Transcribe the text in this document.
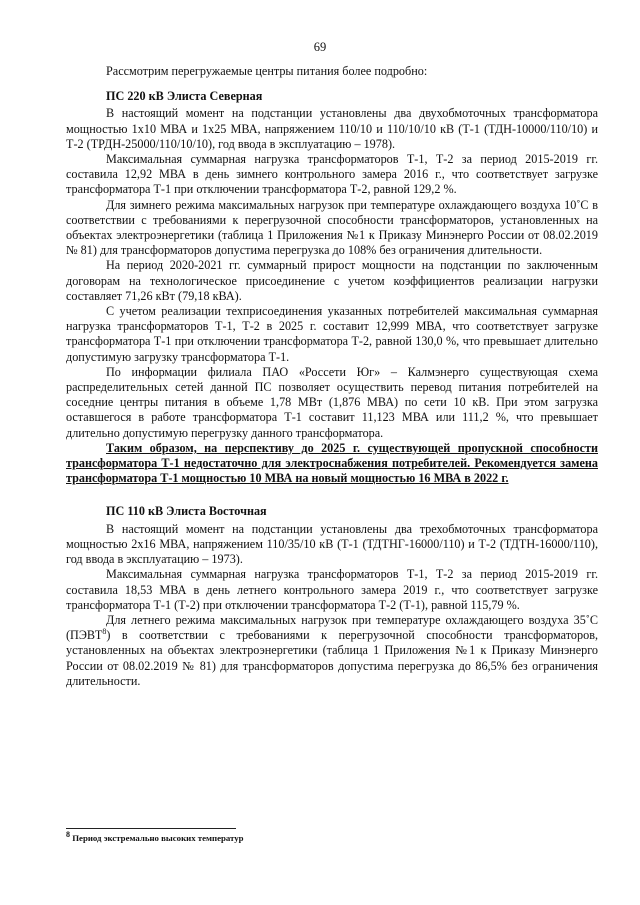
69

Рассмотрим перегружаемые центры питания более подробно:

ПС 220 кВ Элиста Северная

В настоящий момент на подстанции установлены два двухобмоточных трансформатора мощностью 1х10 МВА и 1х25 МВА, напряжением 110/10 и 110/10/10 кВ (Т-1 (ТДН-10000/110/10) и Т-2 (ТРДН-25000/110/10/10), год ввода в эксплуатацию – 1978).

Максимальная суммарная нагрузка трансформаторов Т-1, Т-2 за период 2015-2019 гг. составила 12,92 МВА в день зимнего контрольного замера 2016 г., что соответствует загрузке трансформатора Т-1 при отключении трансформатора Т-2, равной 129,2 %.

Для зимнего режима максимальных нагрузок при температуре охлаждающего воздуха 10˚С в соответствии с требованиями к перегрузочной способности трансформаторов, установленных на объектах электроэнергетики (таблица 1 Приложения №1 к Приказу Минэнерго России от 08.02.2019 № 81) для трансформаторов допустима перегрузка до 108% без ограничения длительности.

На период 2020-2021 гг. суммарный прирост мощности на подстанции по заключенным договорам на технологическое присоединение с учетом коэффициентов реализации нагрузки составляет 71,26 кВт (79,18 кВА).

С учетом реализации техприсоединения указанных потребителей максимальная суммарная нагрузка трансформаторов Т-1, Т-2 в 2025 г. составит 12,999 МВА, что соответствует загрузке трансформатора Т-1 при отключении трансформатора Т-2, равной 130,0 %, что превышает длительно допустимую загрузку трансформатора Т-1.

По информации филиала ПАО «Россети Юг» – Калмэнерго существующая схема распределительных сетей данной ПС позволяет осуществить перевод питания потребителей на соседние центры питания в объеме 1,78 МВт (1,876 МВА) по сети 10 кВ. При этом загрузка оставшегося в работе трансформатора Т-1 составит 11,123 МВА или 111,2 %, что превышает длительно допустимую перегрузку данного трансформатора.

Таким образом, на перспективу до 2025 г. существующей пропускной способности трансформатора Т-1 недостаточно для электроснабжения потребителей. Рекомендуется замена трансформатора Т-1 мощностью 10 МВА на новый мощностью 16 МВА в 2022 г.

ПС 110 кВ Элиста Восточная

В настоящий момент на подстанции установлены два трехобмоточных трансформатора мощностью 2х16 МВА, напряжением 110/35/10 кВ (Т-1 (ТДТНГ-16000/110) и Т-2 (ТДТН-16000/110), год ввода в эксплуатацию – 1973).

Максимальная суммарная нагрузка трансформаторов Т-1, Т-2 за период 2015-2019 гг. составила 18,53 МВА в день летнего контрольного замера 2019 г., что соответствует загрузке трансформатора Т-1 (Т-2) при отключении трансформатора Т-2 (Т-1), равной 115,79 %.

Для летнего режима максимальных нагрузок при температуре охлаждающего воздуха 35˚С (ПЭВТ$^8$) в соответствии с требованиями к перегрузочной способности трансформаторов, установленных на объектах электроэнергетики (таблица 1 Приложения №1 к Приказу Минэнерго России от 08.02.2019 № 81) для трансформаторов допустима перегрузка до 86,5% без ограничения длительности.

$^8$ Период экстремально высоких температур
